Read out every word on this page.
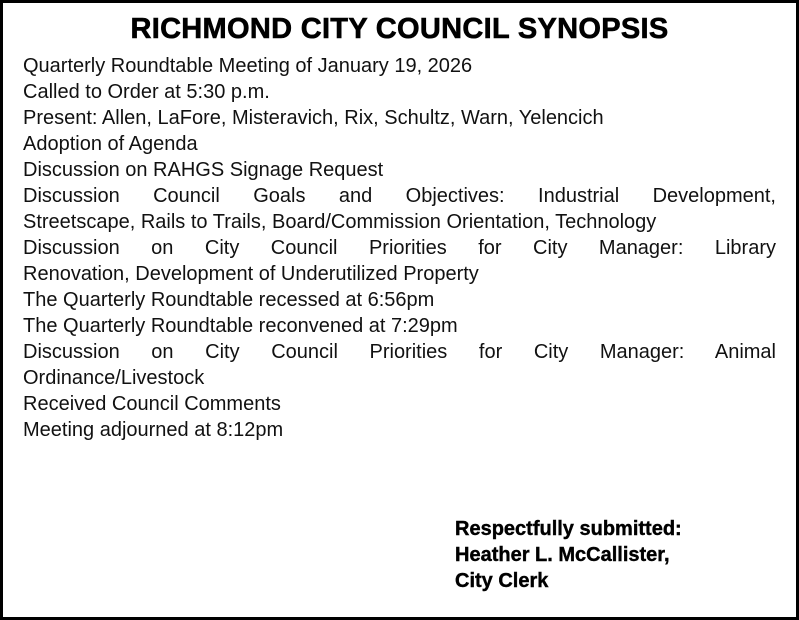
RICHMOND CITY COUNCIL SYNOPSIS
Quarterly Roundtable Meeting of January 19, 2026
Called to Order at 5:30 p.m.
Present: Allen, LaFore, Misteravich, Rix, Schultz, Warn, Yelencich
Adoption of Agenda
Discussion on RAHGS Signage Request
Discussion Council Goals and Objectives: Industrial Development,
Streetscape, Rails to Trails, Board/Commission Orientation, Technology
Discussion on City Council Priorities for City Manager: Library
Renovation, Development of Underutilized Property
The Quarterly Roundtable recessed at 6:56pm
The Quarterly Roundtable reconvened at 7:29pm
Discussion on City Council Priorities for City Manager: Animal
Ordinance/Livestock
Received Council Comments
Meeting adjourned at 8:12pm
Respectfully submitted:
Heather L. McCallister,
City Clerk
